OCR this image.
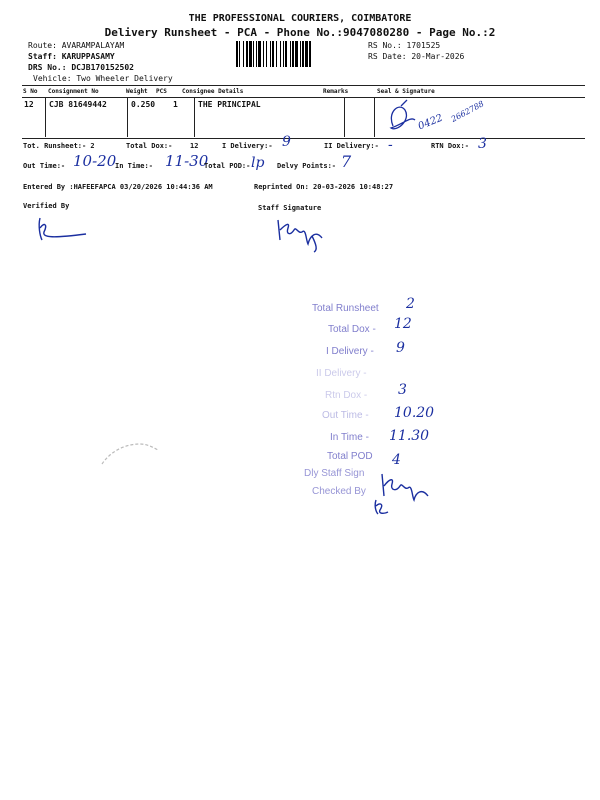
THE PROFESSIONAL COURIERS, COIMBATORE
Delivery Runsheet - PCA - Phone No.:9047080280 - Page No.:2
Route: AVARAMPALAYAM
Staff: KARUPPASAMY
DRS No.: DCJB170152502
Vehicle: Two Wheeler Delivery
RS No.: 1701525
RS Date: 20-Mar-2026
S No Consignment No	Weight PCS	Consignee Details	Remarks	Seal & Signature
12 CJB 81649442	0.250 1	THE PRINCIPAL
0422 2662788
Tot. Runsheet:- 2	Total Dox:-	12	I Delivery:- 9	II Delivery:- -	RTN Dox:- 3
Out Time:- 10-20
In Time:- 11-30
Total POD:- lp Delvy Points:- 7
Entered By :HAFEEFAPCA 03/20/2026 10:44:36 AM	Reprinted On: 20-03-2026 10:48:27
Verified By	Staff Signature
Total Runsheet 2
Total Dox - 12
I Delivery - 9
II Delivery -
Rtn Dox - 3
Out Time - 10.20
In Time - 11.30
Total POD 4
Dly Staff Sign
Checked By
